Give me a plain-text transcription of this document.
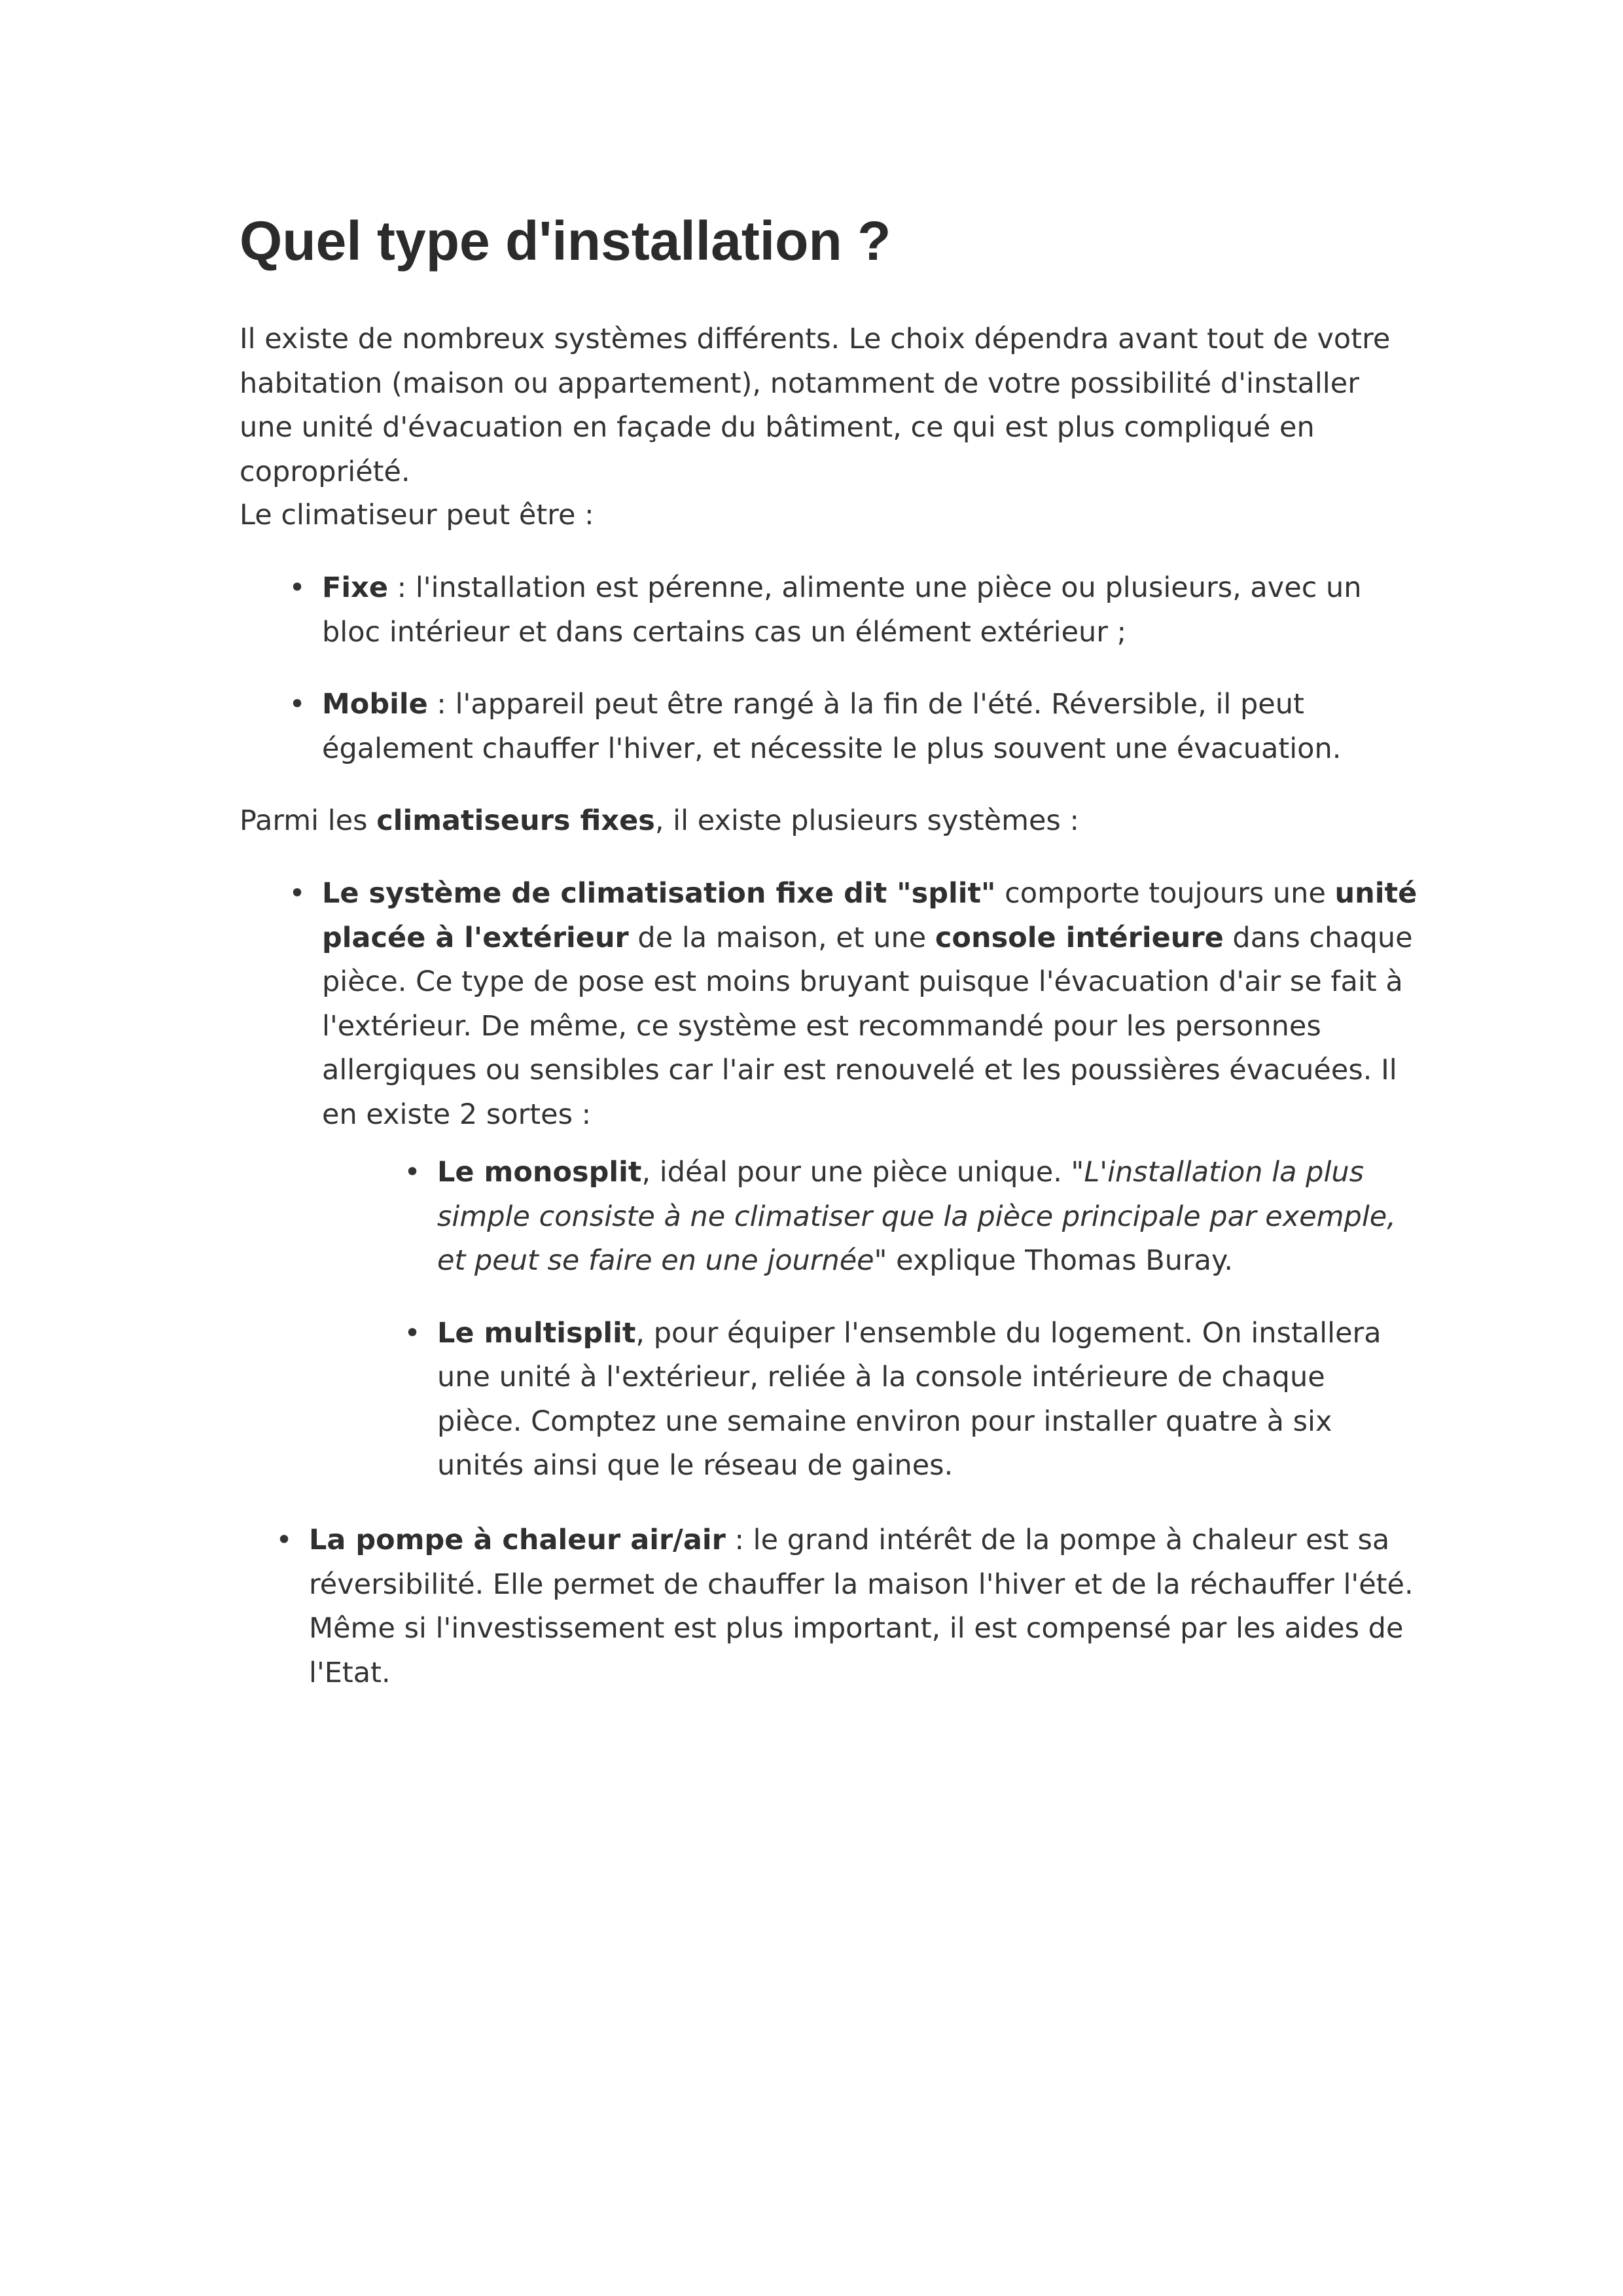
Quel type d'installation ?

Il existe de nombreux systèmes différents. Le choix dépendra avant tout de votre habitation (maison ou appartement), notamment de votre possibilité d'installer une unité d'évacuation en façade du bâtiment, ce qui est plus compliqué en copropriété.

Le climatiseur peut être :

• Fixe : l'installation est pérenne, alimente une pièce ou plusieurs, avec un bloc intérieur et dans certains cas un élément extérieur ;
• Mobile : l'appareil peut être rangé à la fin de l'été. Réversible, il peut également chauffer l'hiver, et nécessite le plus souvent une évacuation.

Parmi les climatiseurs fixes, il existe plusieurs systèmes :

• Le système de climatisation fixe dit "split" comporte toujours une unité placée à l'extérieur de la maison, et une console intérieure dans chaque pièce. Ce type de pose est moins bruyant puisque l'évacuation d'air se fait à l'extérieur. De même, ce système est recommandé pour les personnes allergiques ou sensibles car l'air est renouvelé et les poussières évacuées. Il en existe 2 sortes :
• Le monosplit, idéal pour une pièce unique. "L'installation la plus simple consiste à ne climatiser que la pièce principale par exemple, et peut se faire en une journée" explique Thomas Buray.
• Le multisplit, pour équiper l'ensemble du logement. On installera une unité à l'extérieur, reliée à la console intérieure de chaque pièce. Comptez une semaine environ pour installer quatre à six unités ainsi que le réseau de gaines.
• La pompe à chaleur air/air : le grand intérêt de la pompe à chaleur est sa réversibilité. Elle permet de chauffer la maison l'hiver et de la réchauffer l'été. Même si l'investissement est plus important, il est compensé par les aides de l'Etat.
